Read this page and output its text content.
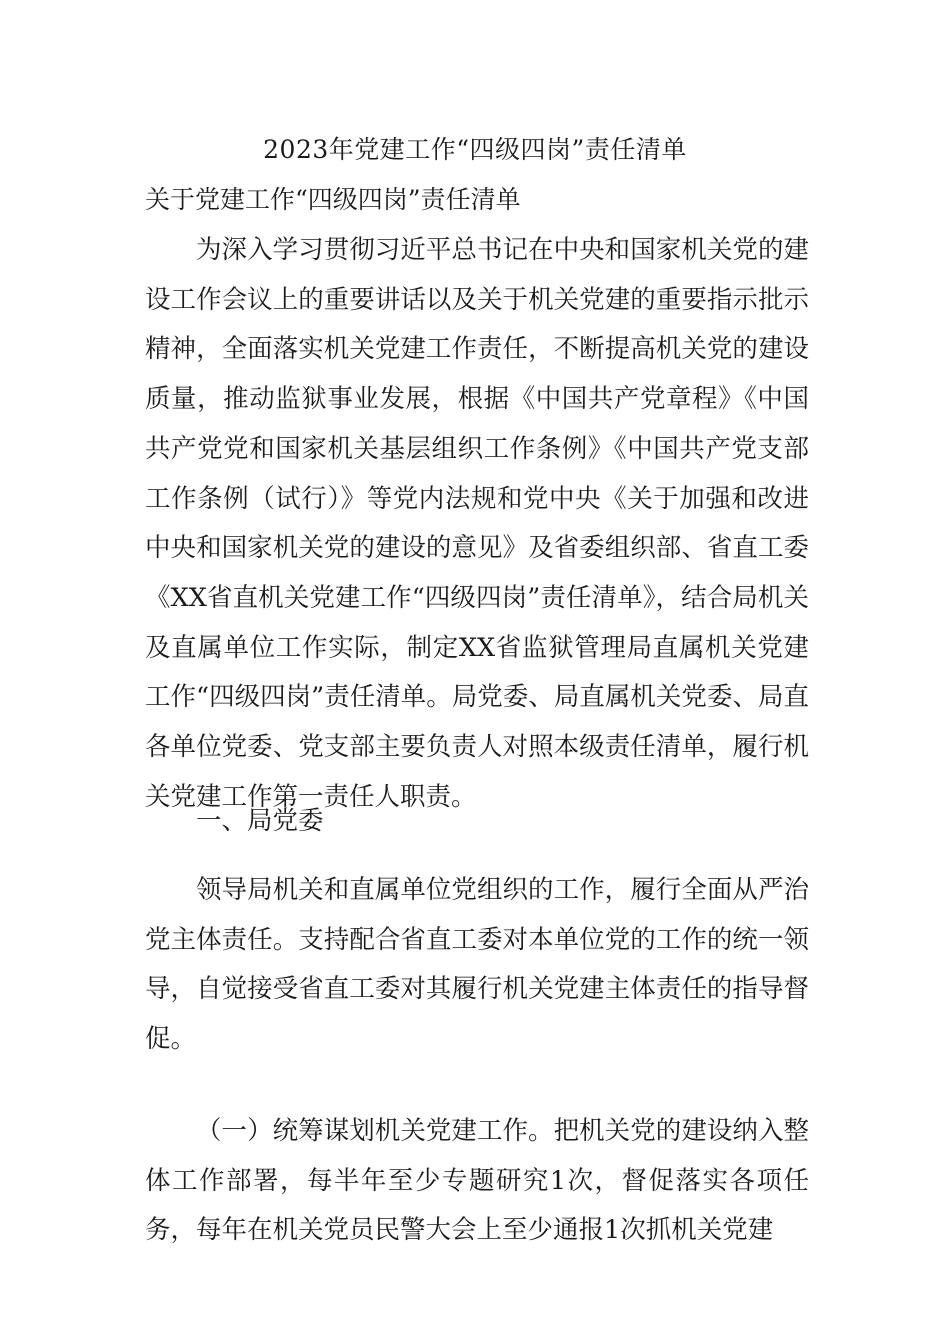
2023年党建工作“四级四岗”责任清单
关于党建工作“四级四岗”责任清单

为深入学习贯彻习近平总书记在中央和国家机关党的建设工作会议上的重要讲话以及关于机关党建的重要指示批示精神，全面落实机关党建工作责任，不断提高机关党的建设质量，推动监狱事业发展，根据《中国共产党章程》《中国共产党党和国家机关基层组织工作条例》《中国共产党支部工作条例（试行）》等党内法规和党中央《关于加强和改进中央和国家机关党的建设的意见》及省委组织部、省直工委《XX省直机关党建工作“四级四岗”责任清单》，结合局机关及直属单位工作实际，制定XX省监狱管理局直属机关党建工作“四级四岗”责任清单。局党委、局直属机关党委、局直各单位党委、党支部主要负责人对照本级责任清单，履行机关党建工作第一责任人职责。

一、局党委

领导局机关和直属单位党组织的工作，履行全面从严治党主体责任。支持配合省直工委对本单位党的工作的统一领导，自觉接受省直工委对其履行机关党建主体责任的指导督促。

（一）统筹谋划机关党建工作。把机关党的建设纳入整体工作部署，每半年至少专题研究1次，督促落实各项任务，每年在机关党员民警大会上至少通报1次抓机关党建
